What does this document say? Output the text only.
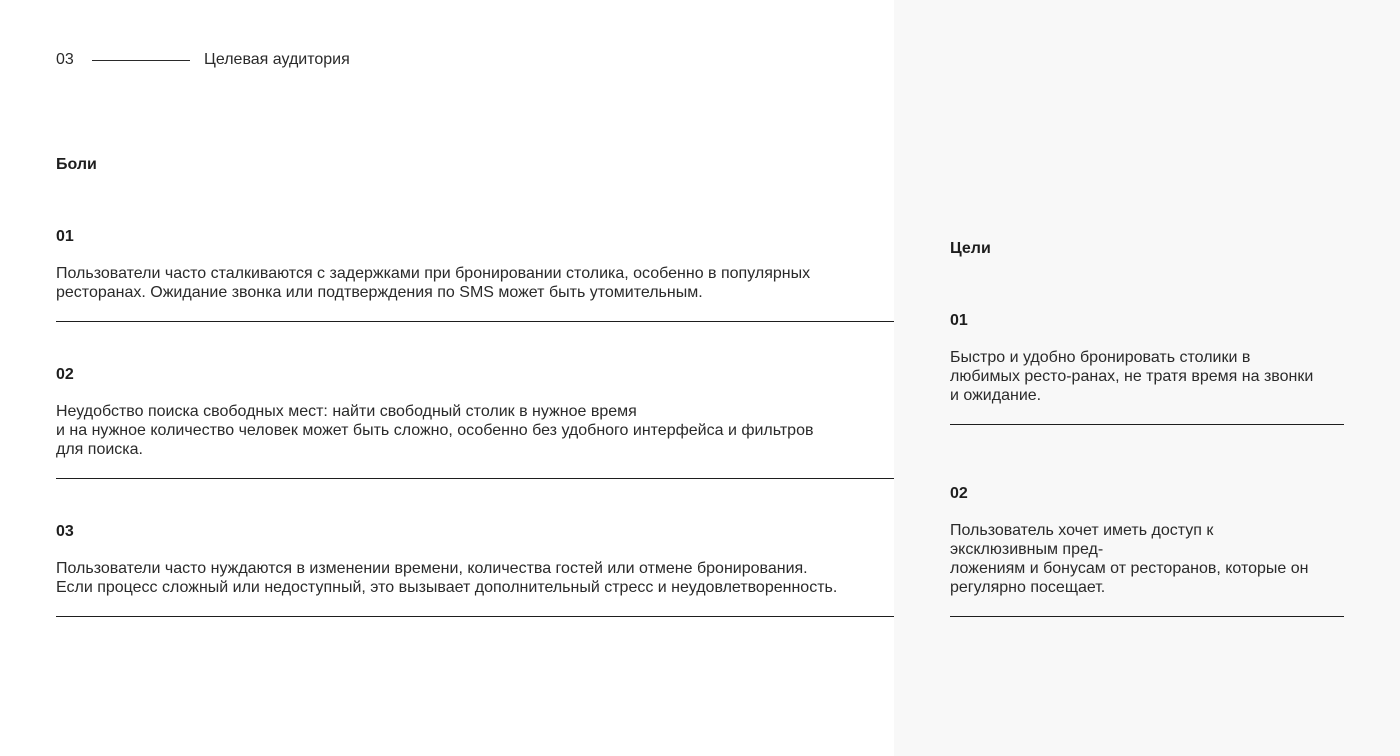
03	Целевая аудитория
Боли
01
Пользователи часто сталкиваются с задержками при бронировании столика, особенно в популярных
ресторанах. Ожидание звонка или подтверждения по SMS может быть утомительным.
02
Неудобство поиска свободных мест: найти свободный столик в нужное время
и на нужное количество человек может быть сложно, особенно без удобного интерфейса и фильтров
для поиска.
03
Пользователи часто нуждаются в изменении времени, количества гостей или отмене бронирования.
Если процесс сложный или недоступный, это вызывает дополнительный стресс и неудовлетворенность.
Цели
01
Быстро и удобно бронировать столики в
любимых ресто-ранах, не тратя время на звонки
и ожидание.
02
Пользователь хочет иметь доступ к
эксклюзивным пред-
ложениям и бонусам от ресторанов, которые он
регулярно посещает.
